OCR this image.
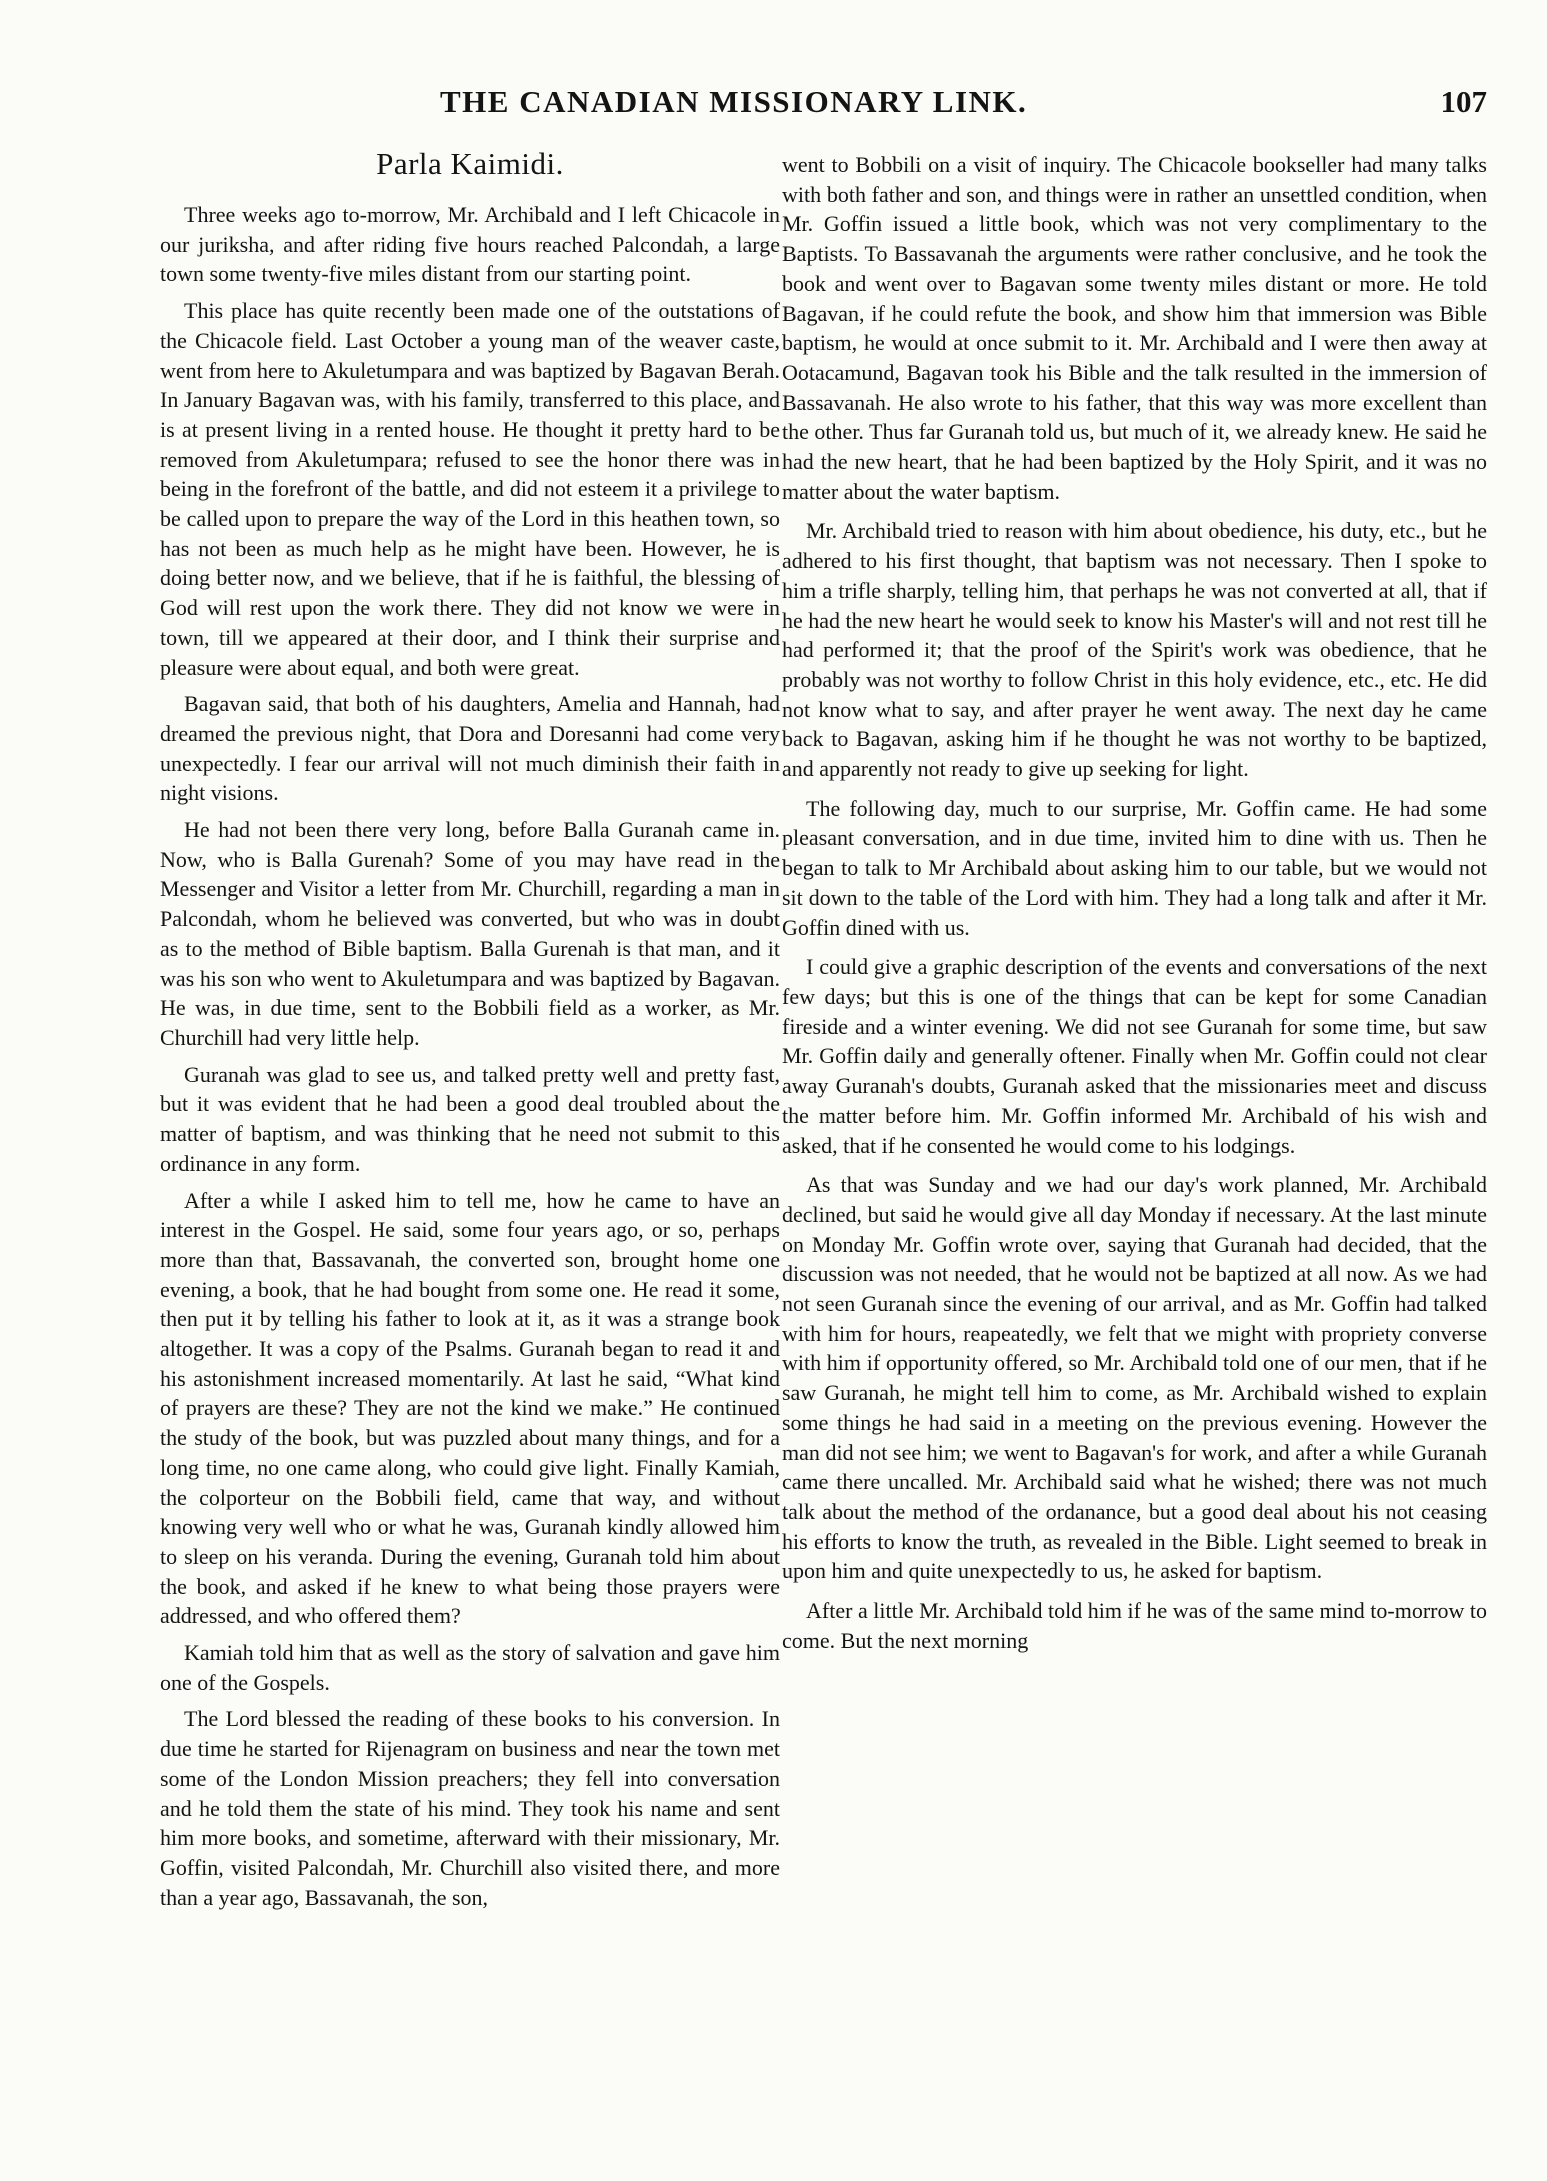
THE CANADIAN MISSIONARY LINK.	107
Parla Kaimidi.

Three weeks ago to-morrow, Mr. Archibald and I left Chicacole in our juriksha, and after riding five hours reached Palcondah, a large town some twenty-five miles distant from our starting point.

This place has quite recently been made one of the outstations of the Chicacole field. Last October a young man of the weaver caste, went from here to Akuletumpara and was baptized by Bagavan Berah. In January Bagavan was, with his family, transferred to this place, and is at present living in a rented house. He thought it pretty hard to be removed from Akuletumpara; refused to see the honor there was in being in the forefront of the battle, and did not esteem it a privilege to be called upon to prepare the way of the Lord in this heathen town, so has not been as much help as he might have been. However, he is doing better now, and we believe, that if he is faithful, the blessing of God will rest upon the work there. They did not know we were in town, till we appeared at their door, and I think their surprise and pleasure were about equal, and both were great.

Bagavan said, that both of his daughters, Amelia and Hannah, had dreamed the previous night, that Dora and Doresanni had come very unexpectedly. I fear our arrival will not much diminish their faith in night visions.

He had not been there very long, before Balla Guranah came in. Now, who is Balla Gurenah? Some of you may have read in the Messenger and Visitor a letter from Mr. Churchill, regarding a man in Palcondah, whom he believed was converted, but who was in doubt as to the method of Bible baptism. Balla Gurenah is that man, and it was his son who went to Akuletumpara and was baptized by Bagavan. He was, in due time, sent to the Bobbili field as a worker, as Mr. Churchill had very little help.

Guranah was glad to see us, and talked pretty well and pretty fast, but it was evident that he had been a good deal troubled about the matter of baptism, and was thinking that he need not submit to this ordinance in any form.

After a while I asked him to tell me, how he came to have an interest in the Gospel. He said, some four years ago, or so, perhaps more than that, Bassavanah, the converted son, brought home one evening, a book, that he had bought from some one. He read it some, then put it by telling his father to look at it, as it was a strange book altogether. It was a copy of the Psalms. Guranah began to read it and his astonishment increased momentarily. At last he said, “What kind of prayers are these? They are not the kind we make.” He continued the study of the book, but was puzzled about many things, and for a long time, no one came along, who could give light. Finally Kamiah, the colporteur on the Bobbili field, came that way, and without knowing very well who or what he was, Guranah kindly allowed him to sleep on his veranda. During the evening, Guranah told him about the book, and asked if he knew to what being those prayers were addressed, and who offered them?

Kamiah told him that as well as the story of salvation and gave him one of the Gospels.

The Lord blessed the reading of these books to his conversion. In due time he started for Rijenagram on business and near the town met some of the London Mission preachers; they fell into conversation and he told them the state of his mind. They took his name and sent him more books, and sometime, afterward with their missionary, Mr. Goffin, visited Palcondah, Mr. Churchill also visited there, and more than a year ago, Bassavanah, the son,

went to Bobbili on a visit of inquiry. The Chicacole bookseller had many talks with both father and son, and things were in rather an unsettled condition, when Mr. Goffin issued a little book, which was not very complimentary to the Baptists. To Bassavanah the arguments were rather conclusive, and he took the book and went over to Bagavan some twenty miles distant or more. He told Bagavan, if he could refute the book, and show him that immersion was Bible baptism, he would at once submit to it. Mr. Archibald and I were then away at Ootacamund, Bagavan took his Bible and the talk resulted in the immersion of Bassavanah. He also wrote to his father, that this way was more excellent than the other. Thus far Guranah told us, but much of it, we already knew. He said he had the new heart, that he had been baptized by the Holy Spirit, and it was no matter about the water baptism.

Mr. Archibald tried to reason with him about obedience, his duty, etc., but he adhered to his first thought, that baptism was not necessary. Then I spoke to him a trifle sharply, telling him, that perhaps he was not converted at all, that if he had the new heart he would seek to know his Master's will and not rest till he had performed it; that the proof of the Spirit's work was obedience, that he probably was not worthy to follow Christ in this holy evidence, etc., etc. He did not know what to say, and after prayer he went away. The next day he came back to Bagavan, asking him if he thought he was not worthy to be baptized, and apparently not ready to give up seeking for light.

The following day, much to our surprise, Mr. Goffin came. He had some pleasant conversation, and in due time, invited him to dine with us. Then he began to talk to Mr Archibald about asking him to our table, but we would not sit down to the table of the Lord with him. They had a long talk and after it Mr. Goffin dined with us.

I could give a graphic description of the events and conversations of the next few days; but this is one of the things that can be kept for some Canadian fireside and a winter evening. We did not see Guranah for some time, but saw Mr. Goffin daily and generally oftener. Finally when Mr. Goffin could not clear away Guranah's doubts, Guranah asked that the missionaries meet and discuss the matter before him. Mr. Goffin informed Mr. Archibald of his wish and asked, that if he consented he would come to his lodgings.

As that was Sunday and we had our day's work planned, Mr. Archibald declined, but said he would give all day Monday if necessary. At the last minute on Monday Mr. Goffin wrote over, saying that Guranah had decided, that the discussion was not needed, that he would not be baptized at all now. As we had not seen Guranah since the evening of our arrival, and as Mr. Goffin had talked with him for hours, reapeatedly, we felt that we might with propriety converse with him if opportunity offered, so Mr. Archibald told one of our men, that if he saw Guranah, he might tell him to come, as Mr. Archibald wished to explain some things he had said in a meeting on the previous evening. However the man did not see him; we went to Bagavan's for work, and after a while Guranah came there uncalled. Mr. Archibald said what he wished; there was not much talk about the method of the ordanance, but a good deal about his not ceasing his efforts to know the truth, as revealed in the Bible. Light seemed to break in upon him and quite unexpectedly to us, he asked for baptism.

After a little Mr. Archibald told him if he was of the same mind to-morrow to come. But the next morning
